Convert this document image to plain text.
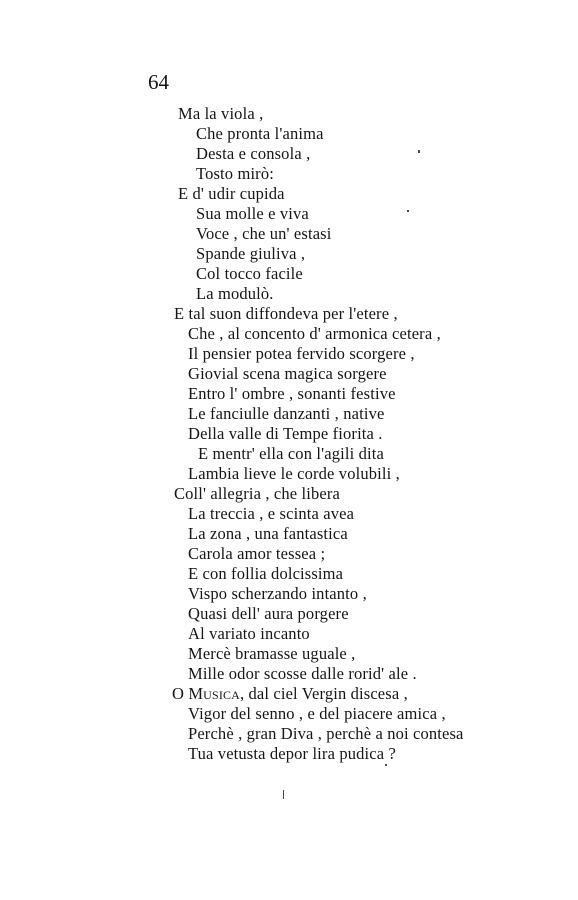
64
Ma la viola ,
Che pronta l'anima
Desta e consola ,
Tosto mirò:
E d' udir cupida
Sua molle e viva
Voce , che un' estasi
Spande giuliva ,
Col tocco facile
La modulò.
E tal suon diffondeva per l'etere ,
Che , al concento d' armonica cetera ,
Il pensier potea fervido scorgere ,
Giovial scena magica sorgere
Entro l' ombre , sonanti festive
Le fanciulle danzanti , native
Della valle di Tempe fiorita .
E mentr' ella con l'agili dita
Lambia lieve le corde volubili ,
Coll' allegria , che libera
La treccia , e scinta avea
La zona , una fantastica
Carola amor tessea ;
E con follia dolcissima
Vispo scherzando intanto ,
Quasi dell' aura porgere
Al variato incanto
Mercè bramasse uguale ,
Mille odor scosse dalle rorid' ale .
O Musica, dal ciel Vergin discesa ,
Vigor del senno , e del piacere amica ,
Perchè , gran Diva , perchè a noi contesa
Tua vetusta depor lira pudica ?
